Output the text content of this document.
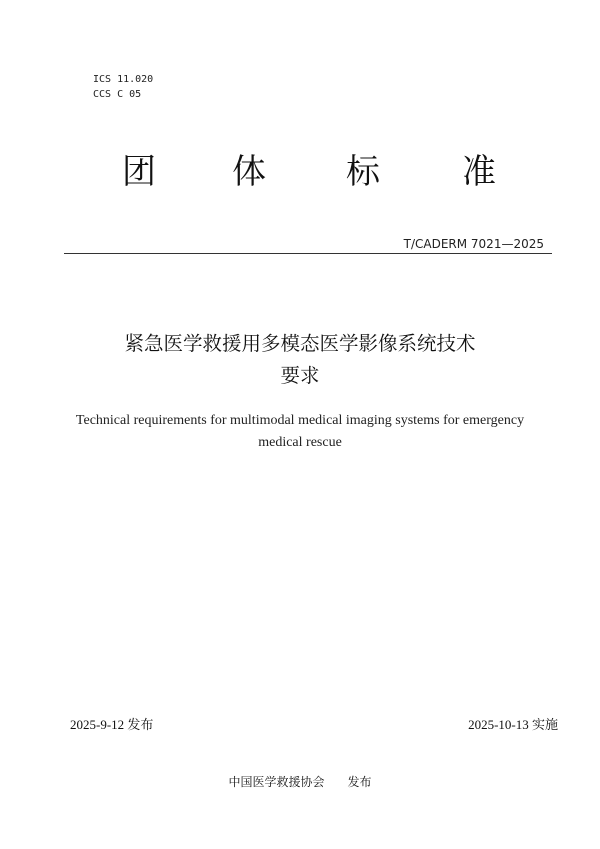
ICS 11.020
CCS C 05
团 体 标 准
T/CADERM 7021—2025
紧急医学救援用多模态医学影像系统技术
要求
Technical requirements for multimodal medical imaging systems for emergency
medical rescue
2025-9-12 发布	2025-10-13 实施
中国医学救援协会 发布
